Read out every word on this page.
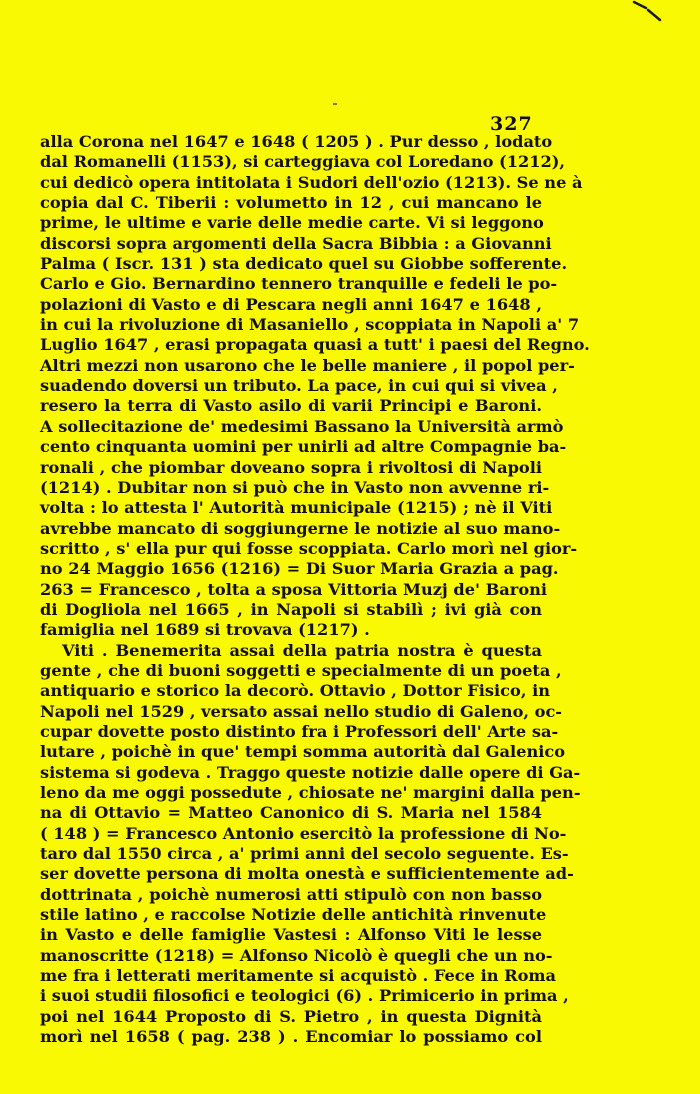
327
alla Corona nel 1647 e 1648 ( 1205 ) . Pur desso , lodato
dal Romanelli (1153), si carteggiava col Loredano (1212),
cui dedicò opera intitolata i Sudori dell'ozio (1213). Se ne à
copia dal C. Tiberii : volumetto in 12 , cui mancano le
prime, le ultime e varie delle medie carte. Vi si leggono
discorsi sopra argomenti della Sacra Bibbia : a Giovanni
Palma ( Iscr. 131 ) sta dedicato quel su Giobbe sofferente.
Carlo e Gio. Bernardino tennero tranquille e fedeli le po-
polazioni di Vasto e di Pescara negli anni 1647 e 1648 ,
in cui la rivoluzione di Masaniello , scoppiata in Napoli a' 7
Luglio 1647 , erasi propagata quasi a tutt' i paesi del Regno.
Altri mezzi non usarono che le belle maniere , il popol per-
suadendo doversi un tributo. La pace, in cui qui si vivea ,
resero la terra di Vasto asilo di varii Principi e Baroni.
A sollecitazione de' medesimi Bassano la Università armò
cento cinquanta uomini per unirli ad altre Compagnie ba-
ronali , che piombar doveano sopra i rivoltosi di Napoli
(1214) . Dubitar non si può che in Vasto non avvenne ri-
volta : lo attesta l' Autorità municipale (1215) ; nè il Viti
avrebbe mancato di soggiungerne le notizie al suo mano-
scritto , s' ella pur qui fosse scoppiata. Carlo morì nel gior-
no 24 Maggio 1656 (1216) = Di Suor Maria Grazia a pag.
263 = Francesco , tolta a sposa Vittoria Muzj de' Baroni
di Dogliola nel 1665 , in Napoli si stabilì ; ivi già con
famiglia nel 1689 si trovava (1217) .
Viti . Benemerita assai della patria nostra è questa
gente , che di buoni soggetti e specialmente di un poeta ,
antiquario e storico la decorò. Ottavio , Dottor Fisico, in
Napoli nel 1529 , versato assai nello studio di Galeno, oc-
cupar dovette posto distinto fra i Professori dell' Arte sa-
lutare , poichè in que' tempi somma autorità dal Galenico
sistema si godeva . Traggo queste notizie dalle opere di Ga-
leno da me oggi possedute , chiosate ne' margini dalla pen-
na di Ottavio = Matteo Canonico di S. Maria nel 1584
( 148 ) = Francesco Antonio esercitò la professione di No-
taro dal 1550 circa , a' primi anni del secolo seguente. Es-
ser dovette persona di molta onestà e sufficientemente ad-
dottrinata , poichè numerosi atti stipulò con non basso
stile latino , e raccolse Notizie delle antichità rinvenute
in Vasto e delle famiglie Vastesi : Alfonso Viti le lesse
manoscritte (1218) = Alfonso Nicolò è quegli che un no-
me fra i letterati meritamente si acquistò . Fece in Roma
i suoi studii filosofici e teologici (6) . Primicerio in prima ,
poi nel 1644 Proposto di S. Pietro , in questa Dignità
morì nel 1658 ( pag. 238 ) . Encomiar lo possiamo col
